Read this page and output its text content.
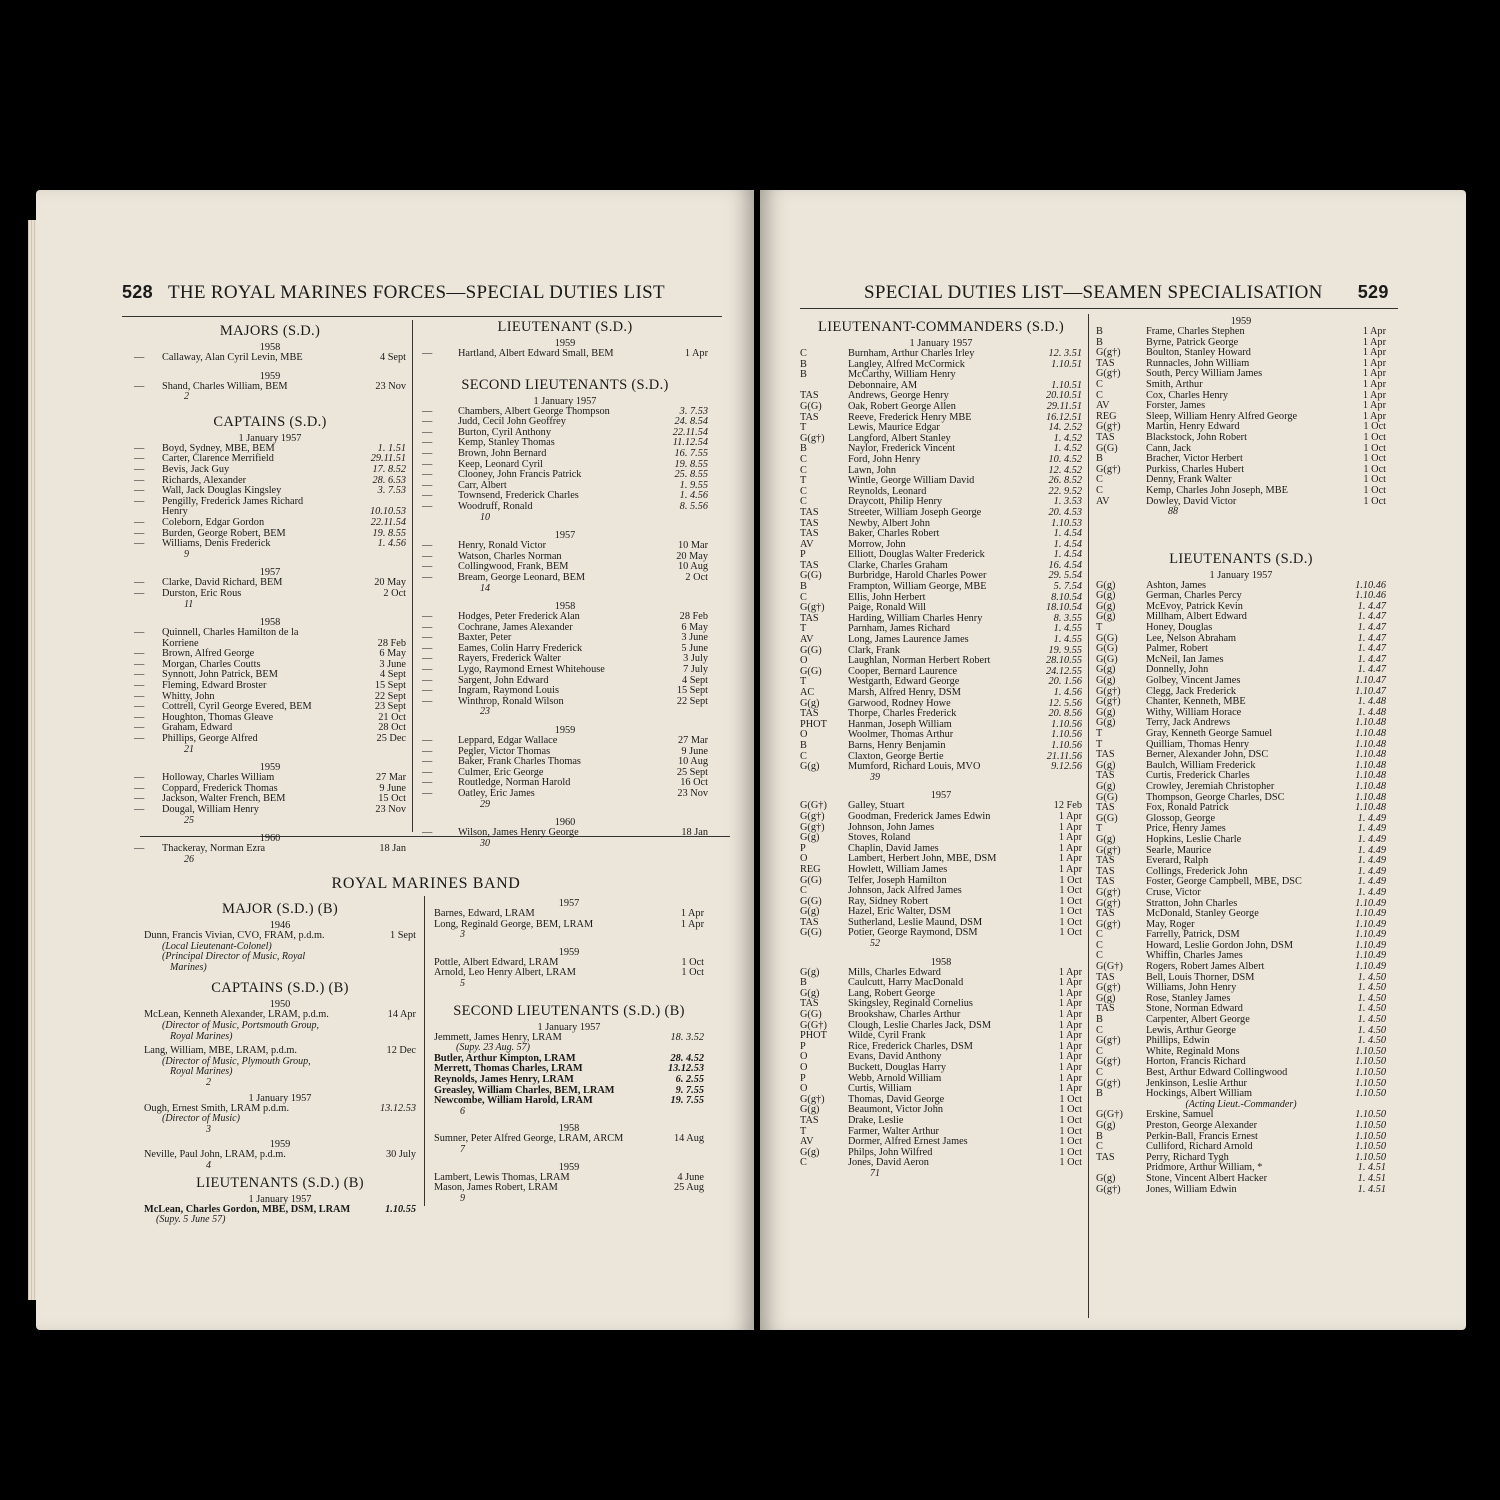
528 THE ROYAL MARINES FORCES—SPECIAL DUTIES LIST
MAJORS (S.D.)
1958
— Callaway, Alan Cyril Levin, MBE	4 Sept
1959
— Shand, Charles William, BEM	23 Nov
2
CAPTAINS (S.D.)
1 January 1957
— Boyd, Sydney, MBE, BEM	1. 1.51
— Carter, Clarence Merrifield	29.11.51
— Bevis, Jack Guy	17. 8.52
— Richards, Alexander	28. 6.53
— Wall, Jack Douglas Kingsley	3. 7.53
— Pengilly, Frederick James Richard
Henry	10.10.53
— Coleborn, Edgar Gordon	22.11.54
— Burden, George Robert, BEM	19. 8.55
— Williams, Denis Frederick	1. 4.56
9
1957
— Clarke, David Richard, BEM	20 May
— Durston, Eric Rous	2 Oct
11
1958
— Quinnell, Charles Hamilton de la
Korriene	28 Feb
— Brown, Alfred George	6 May
— Morgan, Charles Coutts	3 June
— Synnott, John Patrick, BEM	4 Sept
— Fleming, Edward Broster	15 Sept
— Whitty, John	22 Sept
— Cottrell, Cyril George Evered, BEM	23 Sept
— Houghton, Thomas Gleave	21 Oct
— Graham, Edward	28 Oct
— Phillips, George Alfred	25 Dec
21
1959
— Holloway, Charles William	27 Mar
— Coppard, Frederick Thomas	9 June
— Jackson, Walter French, BEM	15 Oct
— Dougal, William Henry	23 Nov
25
1960
— Thackeray, Norman Ezra	18 Jan
26
LIEUTENANT (S.D.)
1959
— Hartland, Albert Edward Small, BEM	1 Apr
SECOND LIEUTENANTS (S.D.)
1 January 1957
— Chambers, Albert George Thompson	3. 7.53
— Judd, Cecil John Geoffrey	24. 8.54
— Burton, Cyril Anthony	22.11.54
— Kemp, Stanley Thomas	11.12.54
— Brown, John Bernard	16. 7.55
— Keep, Leonard Cyril	19. 8.55
— Clooney, John Francis Patrick	25. 8.55
— Carr, Albert	1. 9.55
— Townsend, Frederick Charles	1. 4.56
— Woodruff, Ronald	8. 5.56
10
1957
— Henry, Ronald Victor	10 Mar
— Watson, Charles Norman	20 May
— Collingwood, Frank, BEM	10 Aug
— Bream, George Leonard, BEM	2 Oct
14
1958
— Hodges, Peter Frederick Alan	28 Feb
— Cochrane, James Alexander	6 May
— Baxter, Peter	3 June
— Eames, Colin Harry Frederick	5 June
— Rayers, Frederick Walter	3 July
— Lygo, Raymond Ernest Whitehouse	7 July
— Sargent, John Edward	4 Sept
— Ingram, Raymond Louis	15 Sept
— Winthrop, Ronald Wilson	22 Sept
23
1959
— Leppard, Edgar Wallace	27 Mar
— Pegler, Victor Thomas	9 June
— Baker, Frank Charles Thomas	10 Aug
— Culmer, Eric George	25 Sept
— Routledge, Norman Harold	16 Oct
— Oatley, Eric James	23 Nov
29
1960
— Wilson, James Henry George	18 Jan
30
ROYAL MARINES BAND
MAJOR (S.D.) (B)
1946
Dunn, Francis Vivian, CVO, FRAM, p.d.m.	1 Sept
(Local Lieutenant-Colonel)
(Principal Director of Music, Royal
Marines)
CAPTAINS (S.D.) (B)
1950
McLean, Kenneth Alexander, LRAM, p.d.m.	14 Apr
(Director of Music, Portsmouth Group,
Royal Marines)
Lang, William, MBE, LRAM, p.d.m.	12 Dec
(Director of Music, Plymouth Group,
Royal Marines)
2
1 January 1957
Ough, Ernest Smith, LRAM p.d.m.	13.12.53
(Director of Music)
3
1959
Neville, Paul John, LRAM, p.d.m.	30 July
4
LIEUTENANTS (S.D.) (B)
1 January 1957
McLean, Charles Gordon, MBE, DSM, LRAM	1.10.55
(Supy. 5 June 57)
1957
Barnes, Edward, LRAM	1 Apr
Long, Reginald George, BEM, LRAM	1 Apr
3
1959
Pottle, Albert Edward, LRAM	1 Oct
Arnold, Leo Henry Albert, LRAM	1 Oct
5
SECOND LIEUTENANTS (S.D.) (B)
1 January 1957
Jemmett, James Henry, LRAM	18. 3.52
(Supy. 23 Aug. 57)
Butler, Arthur Kimpton, LRAM	28. 4.52
Merrett, Thomas Charles, LRAM	13.12.53
Reynolds, James Henry, LRAM	6. 2.55
Greasley, William Charles, BEM, LRAM	9. 7.55
Newcombe, William Harold, LRAM	19. 7.55
6
1958
Sumner, Peter Alfred George, LRAM, ARCM	14 Aug
7
1959
Lambert, Lewis Thomas, LRAM	4 June
Mason, James Robert, LRAM	25 Aug
9
SPECIAL DUTIES LIST—SEAMEN SPECIALISATION 529
LIEUTENANT-COMMANDERS (S.D.)
1 January 1957
C	Burnham, Arthur Charles Irley	12. 3.51
B	Langley, Alfred McCormick	1.10.51
B	McCarthy, William Henry
Debonnaire, AM	1.10.51
TAS	Andrews, George Henry	20.10.51
G(G)	Oak, Robert George Allen	29.11.51
TAS	Reeve, Frederick Henry MBE	16.12.51
T	Lewis, Maurice Edgar	14. 2.52
G(g†) Langford, Albert Stanley	1. 4.52
B	Naylor, Frederick Vincent	1. 4.52
C	Ford, John Henry	10. 4.52
C	Lawn, John	12. 4.52
T	Wintle, George William David	26. 8.52
C	Reynolds, Leonard	22. 9.52
C	Draycott, Philip Henry	1. 3.53
TAS	Streeter, William Joseph George	20. 4.53
TAS	Newby, Albert John	1.10.53
TAS	Baker, Charles Robert	1. 4.54
AV	Morrow, John	1. 4.54
P	Elliott, Douglas Walter Frederick	1. 4.54
TAS	Clarke, Charles Graham	16. 4.54
G(G)	Burbridge, Harold Charles Power	29. 5.54
B	Frampton, William George, MBE	5. 7.54
C	Ellis, John Herbert	8.10.54
G(g†) Paige, Ronald Will	18.10.54
TAS	Harding, William Charles Henry	8. 3.55
T	Parnham, James Richard	1. 4.55
AV	Long, James Laurence James	1. 4.55
G(G)	Clark, Frank	19. 9.55
O	Laughlan, Norman Herbert Robert	28.10.55
G(G)	Cooper, Bernard Laurence	24.12.55
T	Westgarth, Edward George	20. 1.56
AC	Marsh, Alfred Henry, DSM	1. 4.56
G(g)	Garwood, Rodney Howe	12. 5.56
TAS	Thorpe, Charles Frederick	20. 8.56
PHOT Hanman, Joseph William	1.10.56
O	Woolmer, Thomas Arthur	1.10.56
B	Barns, Henry Benjamin	1.10.56
C	Claxton, George Bertie	21.11.56
G(g)	Mumford, Richard Louis, MVO	9.12.56
39
1957
G(G†) Galley, Stuart	12 Feb
G(g†) Goodman, Frederick James Edwin	1 Apr
G(g†) Johnson, John James	1 Apr
G(g)	Stoves, Roland	1 Apr
P	Chaplin, David James	1 Apr
O	Lambert, Herbert John, MBE, DSM	1 Apr
REG	Howlett, William James	1 Apr
G(G)	Telfer, Joseph Hamilton	1 Oct
C	Johnson, Jack Alfred James	1 Oct
G(G)	Ray, Sidney Robert	1 Oct
G(g)	Hazel, Eric Walter, DSM	1 Oct
TAS	Sutherland, Leslie Maund, DSM	1 Oct
G(G)	Potier, George Raymond, DSM	1 Oct
52
1958
G(g)	Mills, Charles Edward	1 Apr
B	Caulcutt, Harry MacDonald	1 Apr
G(g)	Lang, Robert George	1 Apr
TAS	Skingsley, Reginald Cornelius	1 Apr
G(G)	Brookshaw, Charles Arthur	1 Apr
G(G†) Clough, Leslie Charles Jack, DSM	1 Apr
PHOT Wilde, Cyril Frank	1 Apr
P	Rice, Frederick Charles, DSM	1 Apr
O	Evans, David Anthony	1 Apr
O	Buckett, Douglas Harry	1 Apr
P	Webb, Arnold William	1 Apr
O	Curtis, William	1 Apr
G(g†) Thomas, David George	1 Oct
G(g)	Beaumont, Victor John	1 Oct
TAS	Drake, Leslie	1 Oct
T	Farmer, Walter Arthur	1 Oct
AV	Dormer, Alfred Ernest James	1 Oct
G(g)	Philps, John Wilfred	1 Oct
C	Jones, David Aeron	1 Oct
71
1959
B	Frame, Charles Stephen	1 Apr
B	Byrne, Patrick George	1 Apr
G(g†) Boulton, Stanley Howard	1 Apr
TAS	Runnacles, John William	1 Apr
G(g†) South, Percy William James	1 Apr
C	Smith, Arthur	1 Apr
C	Cox, Charles Henry	1 Apr
AV	Forster, James	1 Apr
REG	Sleep, William Henry Alfred George	1 Apr
G(g†) Martin, Henry Edward	1 Oct
TAS	Blackstock, John Robert	1 Oct
G(G)	Cann, Jack	1 Oct
B	Bracher, Victor Herbert	1 Oct
G(g†) Purkiss, Charles Hubert	1 Oct
C	Denny, Frank Walter	1 Oct
C	Kemp, Charles John Joseph, MBE	1 Oct
AV	Dowley, David Victor	1 Oct
88
LIEUTENANTS (S.D.)
1 January 1957
G(g)	Ashton, James	1.10.46
G(g)	German, Charles Percy	1.10.46
G(g)	McEvoy, Patrick Kevin	1. 4.47
G(g)	Millham, Albert Edward	1. 4.47
T	Honey, Douglas	1. 4.47
G(G)	Lee, Nelson Abraham	1. 4.47
G(G)	Palmer, Robert	1. 4.47
G(G)	McNeil, Ian James	1. 4.47
G(g)	Donnelly, John	1. 4.47
G(g)	Golbey, Vincent James	1.10.47
G(g†) Clegg, Jack Frederick	1.10.47
G(g†) Chanter, Kenneth, MBE	1. 4.48
G(g)	Withy, William Horace	1. 4.48
G(g)	Terry, Jack Andrews	1.10.48
T	Gray, Kenneth George Samuel	1.10.48
T	Quilliam, Thomas Henry	1.10.48
TAS	Berner, Alexander John, DSC	1.10.48
G(g)	Baulch, William Frederick	1.10.48
TAS	Curtis, Frederick Charles	1.10.48
G(g)	Crowley, Jeremiah Christopher	1.10.48
G(G)	Thompson, George Charles, DSC	1.10.48
TAS	Fox, Ronald Patrick	1.10.48
G(G)	Glossop, George	1. 4.49
T	Price, Henry James	1. 4.49
G(g)	Hopkins, Leslie Charle	1. 4.49
G(g†) Searle, Maurice	1. 4.49
TAS	Everard, Ralph	1. 4.49
TAS	Collings, Frederick John	1. 4.49
TAS	Foster, George Campbell, MBE, DSC	1. 4.49
G(g†) Cruse, Victor	1. 4.49
G(g†) Stratton, John Charles	1.10.49
TAS	McDonald, Stanley George	1.10.49
G(g†) May, Roger	1.10.49
C	Farrelly, Patrick, DSM	1.10.49
C	Howard, Leslie Gordon John, DSM	1.10.49
C	Whiffin, Charles James	1.10.49
G(G†) Rogers, Robert James Albert	1.10.49
TAS	Bell, Louis Thorner, DSM	1. 4.50
G(g†) Williams, John Henry	1. 4.50
G(g)	Rose, Stanley James	1. 4.50
TAS	Stone, Norman Edward	1. 4.50
B	Carpenter, Albert George	1. 4.50
C	Lewis, Arthur George	1. 4.50
G(g†) Phillips, Edwin	1. 4.50
C	White, Reginald Mons	1.10.50
G(g†) Horton, Francis Richard	1.10.50
C	Best, Arthur Edward Collingwood	1.10.50
G(g†) Jenkinson, Leslie Arthur	1.10.50
B	Hockings, Albert William	1.10.50
(Acting Lieut.-Commander)
G(G†) Erskine, Samuel	1.10.50
G(g)	Preston, George Alexander	1.10.50
B	Perkin-Ball, Francis Ernest	1.10.50
C	Culliford, Richard Arnold	1.10.50
TAS	Perry, Richard Tygh	1.10.50
Pridmore, Arthur William, *	1. 4.51
G(g)	Stone, Vincent Albert Hacker	1. 4.51
G(g†) Jones, William Edwin	1. 4.51
